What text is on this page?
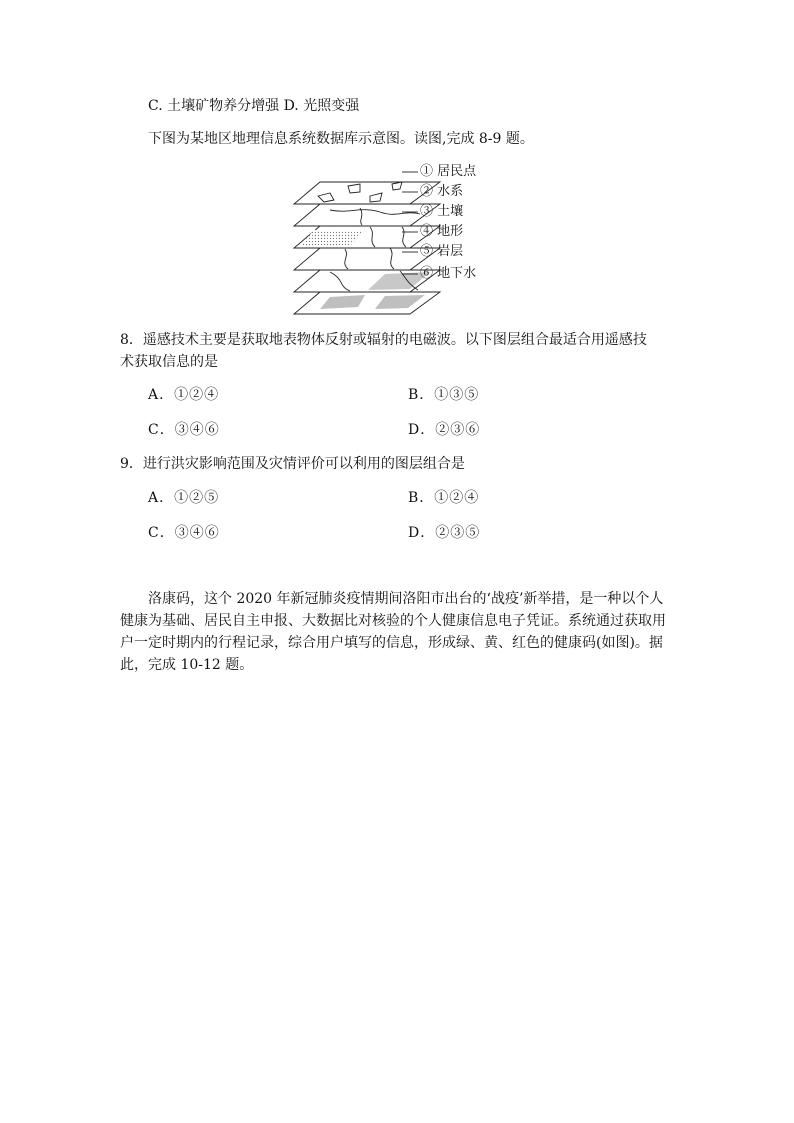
C. 土壤矿物养分增强 D. 光照变强
下图为某地区地理信息系统数据库示意图。读图,完成 8-9 题。
① 居民点
② 水系
③ 土壤
④ 地形
⑤ 岩层
⑥ 地下水
8．遥感技术主要是获取地表物体反射或辐射的电磁波。以下图层组合最适合用遥感技
术获取信息的是
A．①②④	B．①③⑤
C．③④⑥	D．②③⑥
9．进行洪灾影响范围及灾情评价可以利用的图层组合是
A．①②⑤	B．①②④
C．③④⑥	D．②③⑤
洛康码，这个 2020 年新冠肺炎疫情期间洛阳市出台的‘战疫’新举措，是一种以个人健康为基础、居民自主申报、大数据比对核验的个人健康信息电子凭证。系统通过获取用户一定时期内的行程记录，综合用户填写的信息，形成绿、黄、红色的健康码(如图)。据此，完成 10-12 题。
